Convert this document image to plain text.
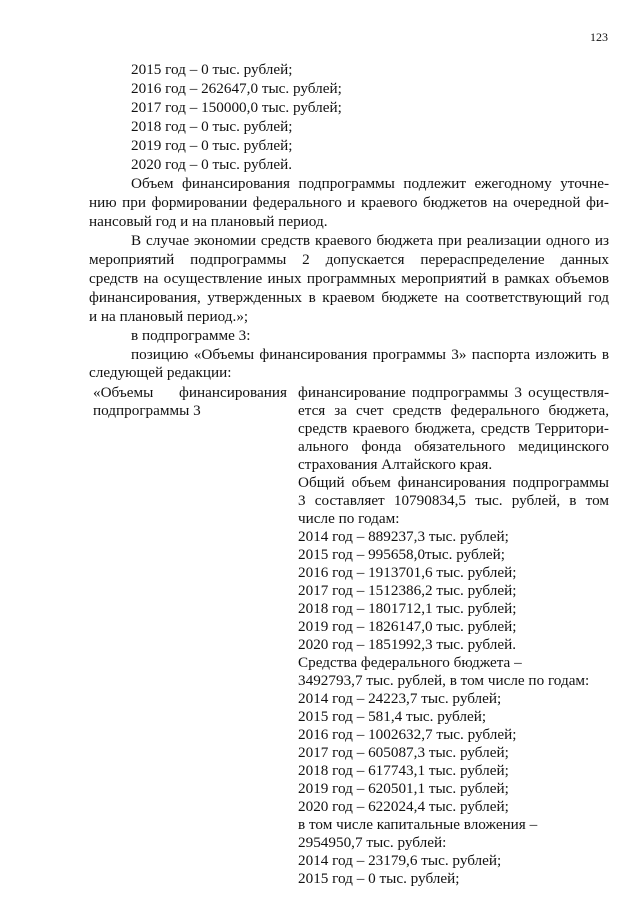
123
2015 год – 0 тыс. рублей;
2016 год – 262647,0 тыс. рублей;
2017 год – 150000,0 тыс. рублей;
2018 год – 0 тыс. рублей;
2019 год – 0 тыс. рублей;
2020 год – 0 тыс. рублей.
Объем финансирования подпрограммы подлежит ежегодному уточне-
нию при формировании федерального и краевого бюджетов на очередной фи-
нансовый год и на плановый период.
В случае экономии средств краевого бюджета при реализации одного из
мероприятий подпрограммы 2 допускается перераспределение данных
средств на осуществление иных программных мероприятий в рамках объемов
финансирования, утвержденных в краевом бюджете на соответствующий год
и на плановый период.»;
в подпрограмме 3:
позицию «Объемы финансирования программы 3» паспорта изложить в
следующей редакции:
«Объемы финансирования
подпрограммы 3
финансирование подпрограммы 3 осуществля-
ется за счет средств федерального бюджета,
средств краевого бюджета, средств Территори-
ального фонда обязательного медицинского
страхования Алтайского края.
Общий объем финансирования подпрограммы
3 составляет 10790834,5 тыс. рублей, в том
числе по годам:
2014 год – 889237,3 тыс. рублей;
2015 год – 995658,0тыс. рублей;
2016 год – 1913701,6 тыс. рублей;
2017 год – 1512386,2 тыс. рублей;
2018 год – 1801712,1 тыс. рублей;
2019 год – 1826147,0 тыс. рублей;
2020 год – 1851992,3 тыс. рублей.
Средства федерального бюджета –
3492793,7 тыс. рублей, в том числе по годам:
2014 год – 24223,7 тыс. рублей;
2015 год – 581,4 тыс. рублей;
2016 год – 1002632,7 тыс. рублей;
2017 год – 605087,3 тыс. рублей;
2018 год – 617743,1 тыс. рублей;
2019 год – 620501,1 тыс. рублей;
2020 год – 622024,4 тыс. рублей;
в том числе капитальные вложения –
2954950,7 тыс. рублей:
2014 год – 23179,6 тыс. рублей;
2015 год – 0 тыс. рублей;
